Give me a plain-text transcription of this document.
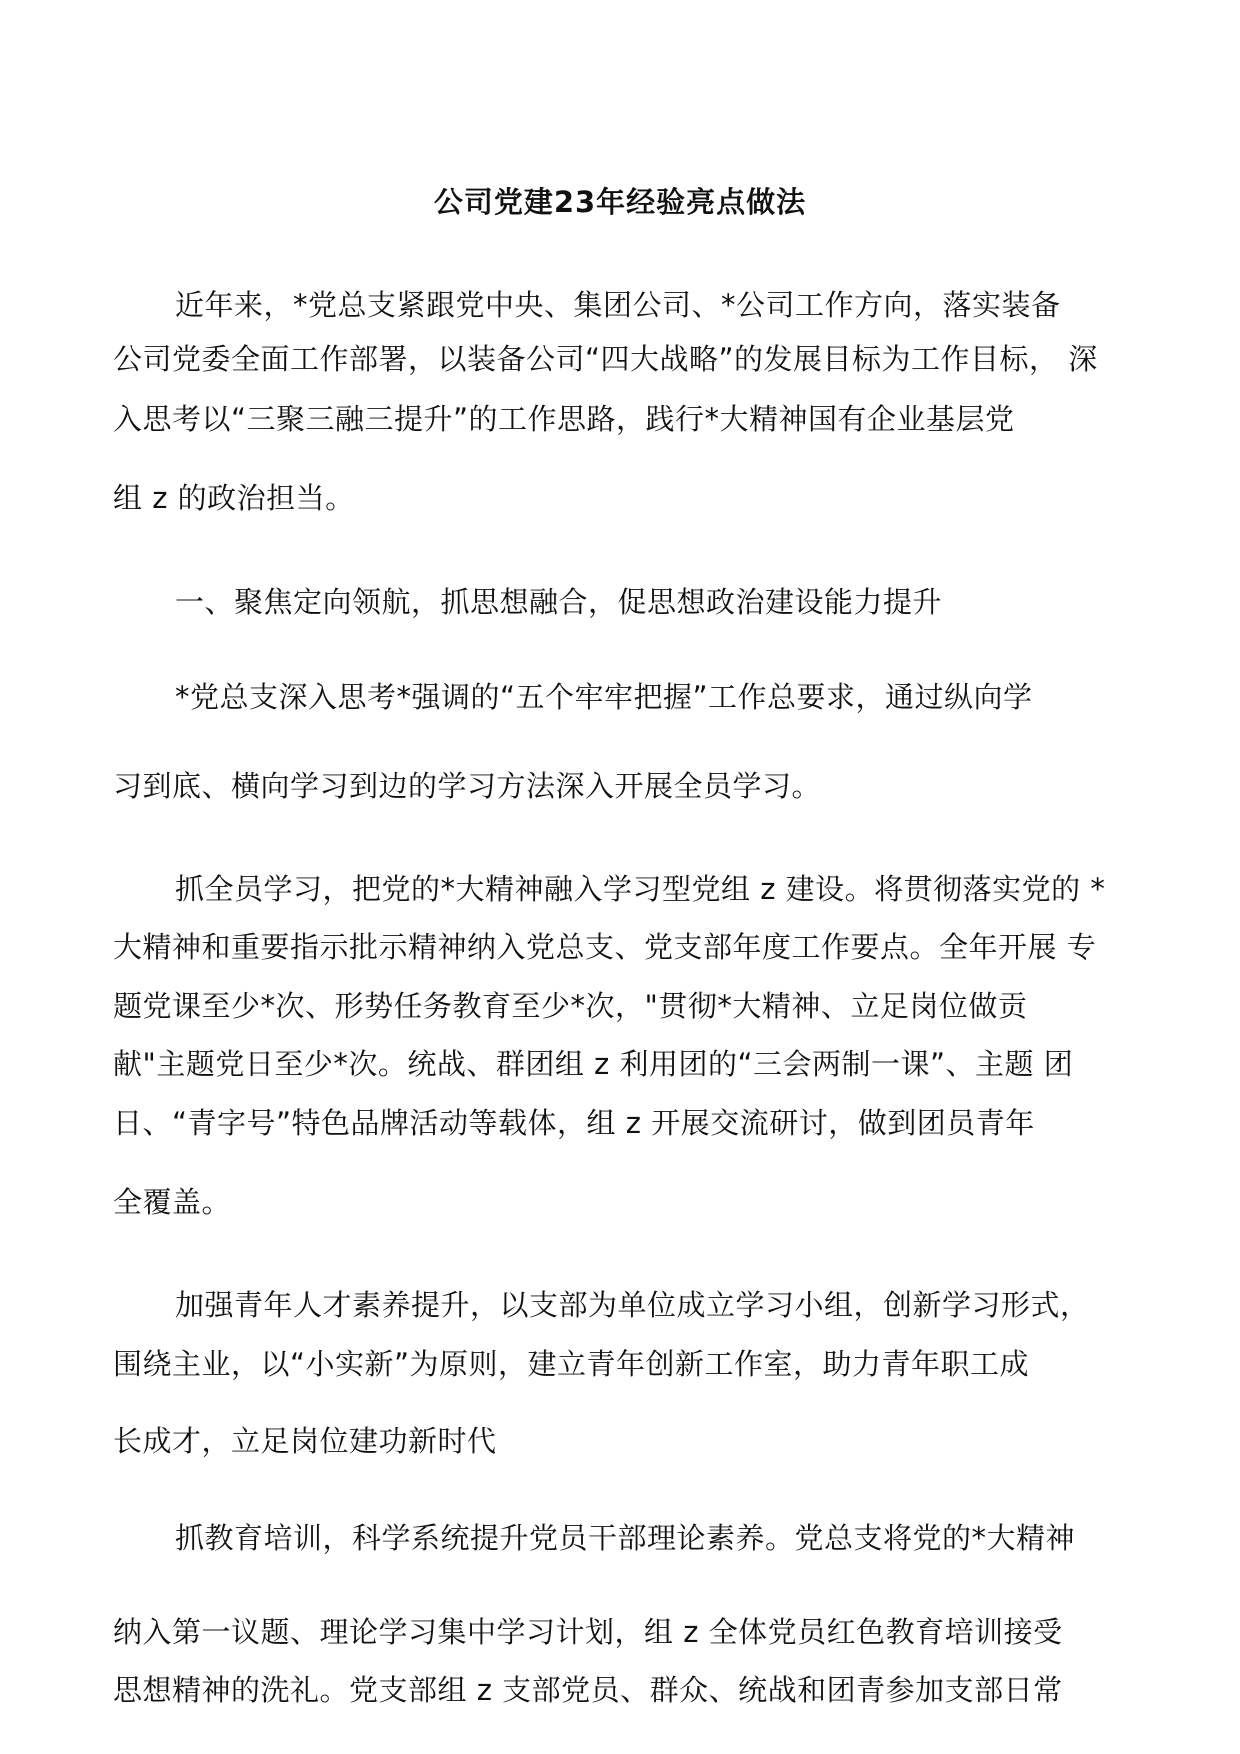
公司党建23年经验亮点做法

近年来，*党总支紧跟党中央、集团公司、*公司工作方向，落实装备

公司党委全面工作部署，以装备公司“四大战略”的发展目标为工作目标， 深

入思考以“三聚三融三提升”的工作思路，践行*大精神国有企业基层党

组 z 的政治担当。

一、聚焦定向领航，抓思想融合，促思想政治建设能力提升

*党总支深入思考*强调的“五个牢牢把握”工作总要求，通过纵向学

习到底、横向学习到边的学习方法深入开展全员学习。

抓全员学习，把党的*大精神融入学习型党组 z 建设。将贯彻落实党的 *

大精神和重要指示批示精神纳入党总支、党支部年度工作要点。全年开展 专

题党课至少*次、形势任务教育至少*次，"贯彻*大精神、立足岗位做贡

献"主题党日至少*次。统战、群团组 z 利用团的“三会两制一课”、主题 团

日、“青字号”特色品牌活动等载体，组 z 开展交流研讨，做到团员青年

全覆盖。

加强青年人才素养提升，以支部为单位成立学习小组，创新学习形式，

围绕主业，以“小实新”为原则，建立青年创新工作室，助力青年职工成

长成才，立足岗位建功新时代

抓教育培训，科学系统提升党员干部理论素养。党总支将党的*大精神

纳入第一议题、理论学习集中学习计划，组 z 全体党员红色教育培训接受

思想精神的洗礼。党支部组 z 支部党员、群众、统战和团青参加支部日常
